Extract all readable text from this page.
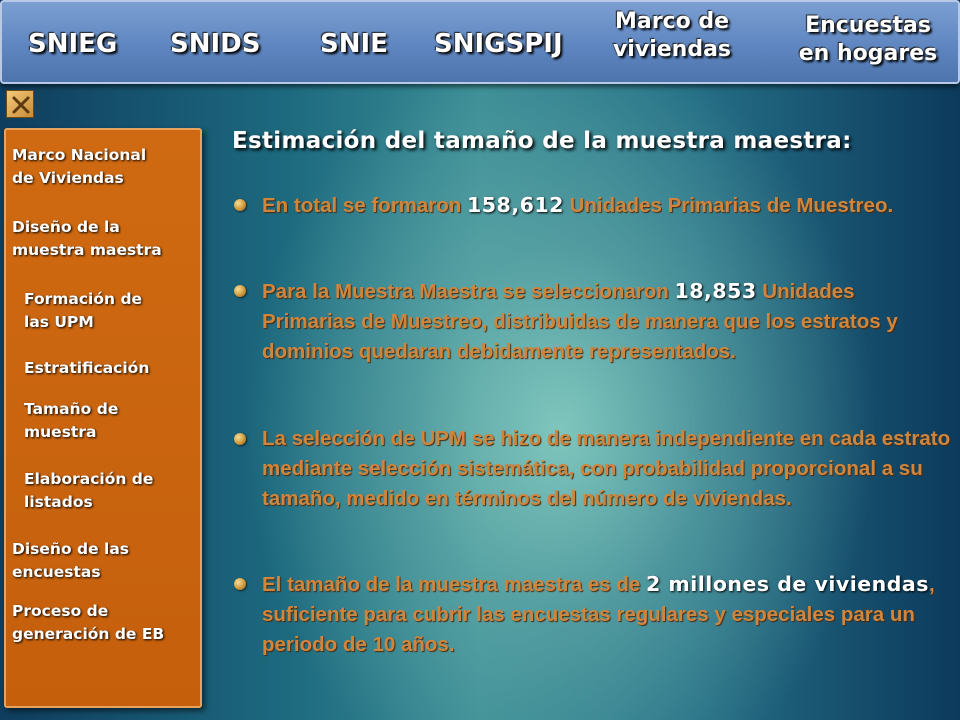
SNIEG SNIDS SNIE SNIGSPIJ
Marco de
viviendas
Encuestas
en hogares
Marco Nacional
de Viviendas
Diseño de la
muestra maestra
Formación de
las UPM
Estratificación
Tamaño de
muestra
Elaboración de
listados
Diseño de las
encuestas
Proceso de
generación de EB
Estimación del tamaño de la muestra maestra:
En total se formaron 158,612 Unidades Primarias de Muestreo.
Para la Muestra Maestra se seleccionaron 18,853 Unidades Primarias de Muestreo, distribuidas de manera que los estratos y dominios quedaran debidamente representados.
La selección de UPM se hizo de manera independiente en cada estrato mediante selección sistemática, con probabilidad proporcional a su tamaño, medido en términos del número de viviendas.
El tamaño de la muestra maestra es de 2 millones de viviendas, suficiente para cubrir las encuestas regulares y especiales para un periodo de 10 años.
